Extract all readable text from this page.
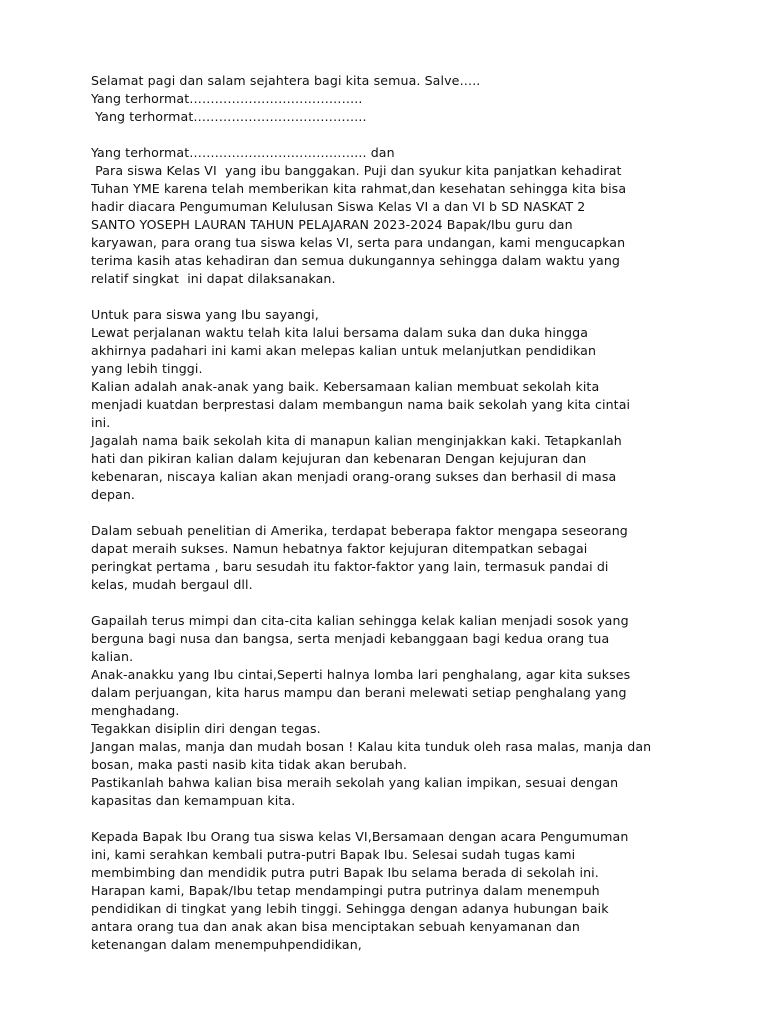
Selamat pagi dan salam sejahtera bagi kita semua. Salve…..
Yang terhormat…………………………………..
Yang terhormat…………………………………..
Yang terhormat…………………………………... dan
Para siswa Kelas VI  yang ibu banggakan. Puji dan syukur kita panjatkan kehadirat
Tuhan YME karena telah memberikan kita rahmat,dan kesehatan sehingga kita bisa
hadir diacara Pengumuman Kelulusan Siswa Kelas VI a dan VI b SD NASKAT 2
SANTO YOSEPH LAURAN TAHUN PELAJARAN 2023-2024 Bapak/Ibu guru dan
karyawan, para orang tua siswa kelas VI, serta para undangan, kami mengucapkan
terima kasih atas kehadiran dan semua dukungannya sehingga dalam waktu yang
relatif singkat  ini dapat dilaksanakan.
Untuk para siswa yang Ibu sayangi,
Lewat perjalanan waktu telah kita lalui bersama dalam suka dan duka hingga
akhirnya padahari ini kami akan melepas kalian untuk melanjutkan pendidikan
yang lebih tinggi.
Kalian adalah anak-anak yang baik. Kebersamaan kalian membuat sekolah kita
menjadi kuatdan berprestasi dalam membangun nama baik sekolah yang kita cintai
ini.
Jagalah nama baik sekolah kita di manapun kalian menginjakkan kaki. Tetapkanlah
hati dan pikiran kalian dalam kejujuran dan kebenaran Dengan kejujuran dan
kebenaran, niscaya kalian akan menjadi orang-orang sukses dan berhasil di masa
depan.
Dalam sebuah penelitian di Amerika, terdapat beberapa faktor mengapa seseorang
dapat meraih sukses. Namun hebatnya faktor kejujuran ditempatkan sebagai
peringkat pertama , baru sesudah itu faktor-faktor yang lain, termasuk pandai di
kelas, mudah bergaul dll.
Gapailah terus mimpi dan cita-cita kalian sehingga kelak kalian menjadi sosok yang
berguna bagi nusa dan bangsa, serta menjadi kebanggaan bagi kedua orang tua
kalian.
Anak-anakku yang Ibu cintai,Seperti halnya lomba lari penghalang, agar kita sukses
dalam perjuangan, kita harus mampu dan berani melewati setiap penghalang yang
menghadang.
Tegakkan disiplin diri dengan tegas.
Jangan malas, manja dan mudah bosan ! Kalau kita tunduk oleh rasa malas, manja dan
bosan, maka pasti nasib kita tidak akan berubah.
Pastikanlah bahwa kalian bisa meraih sekolah yang kalian impikan, sesuai dengan
kapasitas dan kemampuan kita.
Kepada Bapak Ibu Orang tua siswa kelas VI,Bersamaan dengan acara Pengumuman
ini, kami serahkan kembali putra-putri Bapak Ibu. Selesai sudah tugas kami
membimbing dan mendidik putra putri Bapak Ibu selama berada di sekolah ini.
Harapan kami, Bapak/Ibu tetap mendampingi putra putrinya dalam menempuh
pendidikan di tingkat yang lebih tinggi. Sehingga dengan adanya hubungan baik
antara orang tua dan anak akan bisa menciptakan sebuah kenyamanan dan
ketenangan dalam menempuhpendidikan,
